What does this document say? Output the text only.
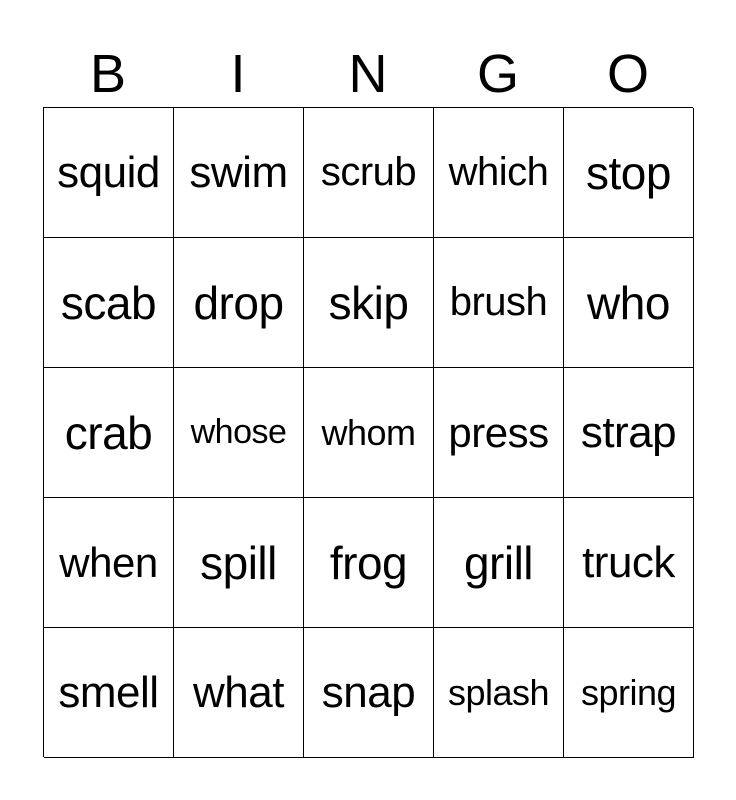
B	I	N	G	O
squid swim scrub which stop
scab drop skip	brush who
crab	whose whom press strap
when spill	frog	grill	truck
smell what snap splash spring
